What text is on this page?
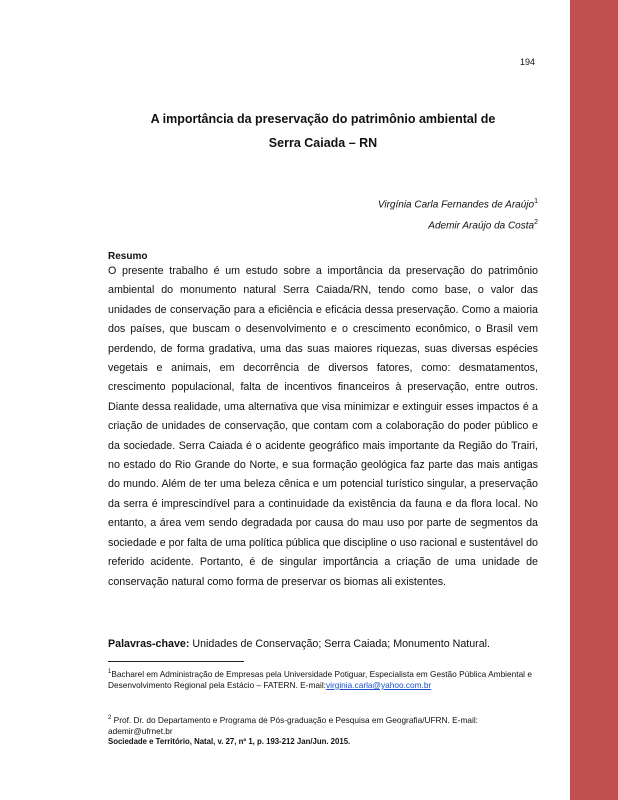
194
A importância da preservação do patrimônio ambiental de
Serra Caiada – RN
Virgínia Carla Fernandes de Araújo$^1$
Ademir Araújo da Costa$^2$
Resumo

O presente trabalho é um estudo sobre a importância da preservação do patrimônio ambiental do monumento natural Serra Caiada/RN, tendo como base, o valor das unidades de conservação para a eficiência e eficácia dessa preservação. Como a maioria dos países, que buscam o desenvolvimento e o crescimento econômico, o Brasil vem perdendo, de forma gradativa, uma das suas maiores riquezas, suas diversas espécies vegetais e animais, em decorrência de diversos fatores, como: desmatamentos, crescimento populacional, falta de incentivos financeiros à preservação, entre outros. Diante dessa realidade, uma alternativa que visa minimizar e extinguir esses impactos é a criação de unidades de conservação, que contam com a colaboração do poder público e da sociedade. Serra Caiada é o acidente geográfico mais importante da Região do Trairi, no estado do Rio Grande do Norte, e sua formação geológica faz parte das mais antigas do mundo. Além de ter uma beleza cênica e um potencial turístico singular, a preservação da serra é imprescindível para a continuidade da existência da fauna e da flora local. No entanto, a área vem sendo degradada por causa do mau uso por parte de segmentos da sociedade e por falta de uma política pública que discipline o uso racional e sustentável do referido acidente. Portanto, é de singular importância a criação de uma unidade de conservação natural como forma de preservar os biomas ali existentes.

Palavras-chave: Unidades de Conservação; Serra Caiada; Monumento Natural.
$^1$Bacharel em Administração de Empresas pela Universidade Potiguar, Especialista em Gestão Pública Ambiental e Desenvolvimento Regional pela Estácio – FATERN. E-mail:virginia.carla@yahoo.com.br
$^2$ Prof. Dr. do Departamento e Programa de Pós-graduação e Pesquisa em Geografia/UFRN. E-mail: ademir@ufrnet.br
Sociedade e Território, Natal, v. 27, nº 1, p. 193-212 Jan/Jun. 2015.
